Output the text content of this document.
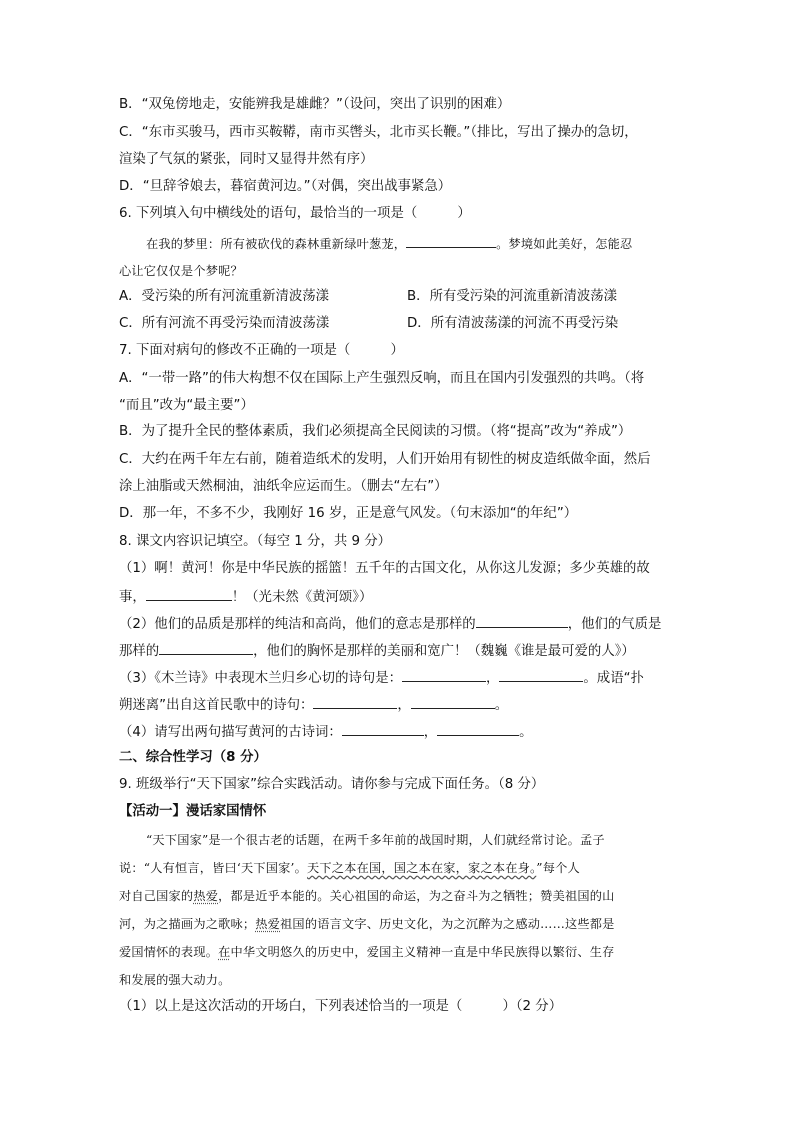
B．“双兔傍地走，安能辨我是雄雌？”（设问，突出了识别的困难）
C．“东市买骏马，西市买鞍鞯，南市买辔头，北市买长鞭。”（排比，写出了操办的急切，
渲染了气氛的紧张，同时又显得井然有序）
D．“旦辞爷娘去，暮宿黄河边。”（对偶，突出战事紧急）
6. 下列填入句中横线处的语句，最恰当的一项是（　　　）
在我的梦里：所有被砍伐的森林重新绿叶葱茏，	。梦境如此美好，怎能忍
心让它仅仅是个梦呢？
A．受污染的所有河流重新清波荡漾	B．所有受污染的河流重新清波荡漾
C．所有河流不再受污染而清波荡漾	D．所有清波荡漾的河流不再受污染
7. 下面对病句的修改不正确的一项是（　　　）
A．“一带一路”的伟大构想不仅在国际上产生强烈反响，而且在国内引发强烈的共鸣。（将
“而且”改为“最主要”）
B．为了提升全民的整体素质，我们必须提高全民阅读的习惯。（将“提高”改为“养成”）
C．大约在两千年左右前，随着造纸术的发明，人们开始用有韧性的树皮造纸做伞面，然后
涂上油脂或天然桐油，油纸伞应运而生。（删去“左右”）
D．那一年，不多不少，我刚好 16 岁，正是意气风发。（句末添加“的年纪”）
8. 课文内容识记填空。（每空 1 分，共 9 分）
（1）啊！黄河！你是中华民族的摇篮！五千年的古国文化，从你这儿发源；多少英雄的故
事，	！（光未然《黄河颂》）
（2）他们的品质是那样的纯洁和高尚，他们的意志是那样的	，他们的气质是
那样的	，他们的胸怀是那样的美丽和宽广！（魏巍《谁是最可爱的人》）
（3）《木兰诗》中表现木兰归乡心切的诗句是：	，	。成语“扑
朔迷离”出自这首民歌中的诗句：	，	。
（4）请写出两句描写黄河的古诗词：	，	。
二、综合性学习（8 分）
9. 班级举行“天下国家”综合实践活动。请你参与完成下面任务。（8 分）
【活动一】漫话家国情怀
“天下国家”是一个很古老的话题，在两千多年前的战国时期，人们就经常讨论。孟子
说：“人有恒言，皆曰‘天下国家’。天下之本在国，国之本在家，家之本在身。”每个人
对自己国家的热爱，都是近乎本能的。关心祖国的命运，为之奋斗为之牺牲；赞美祖国的山
河，为之描画为之歌咏；热爱祖国的语言文字、历史文化，为之沉醉为之感动……这些都是
爱国情怀的表现。在中华文明悠久的历史中，爱国主义精神一直是中华民族得以繁衍、生存
和发展的强大动力。
（1）以上是这次活动的开场白，下列表述恰当的一项是（　　　）（2 分）
